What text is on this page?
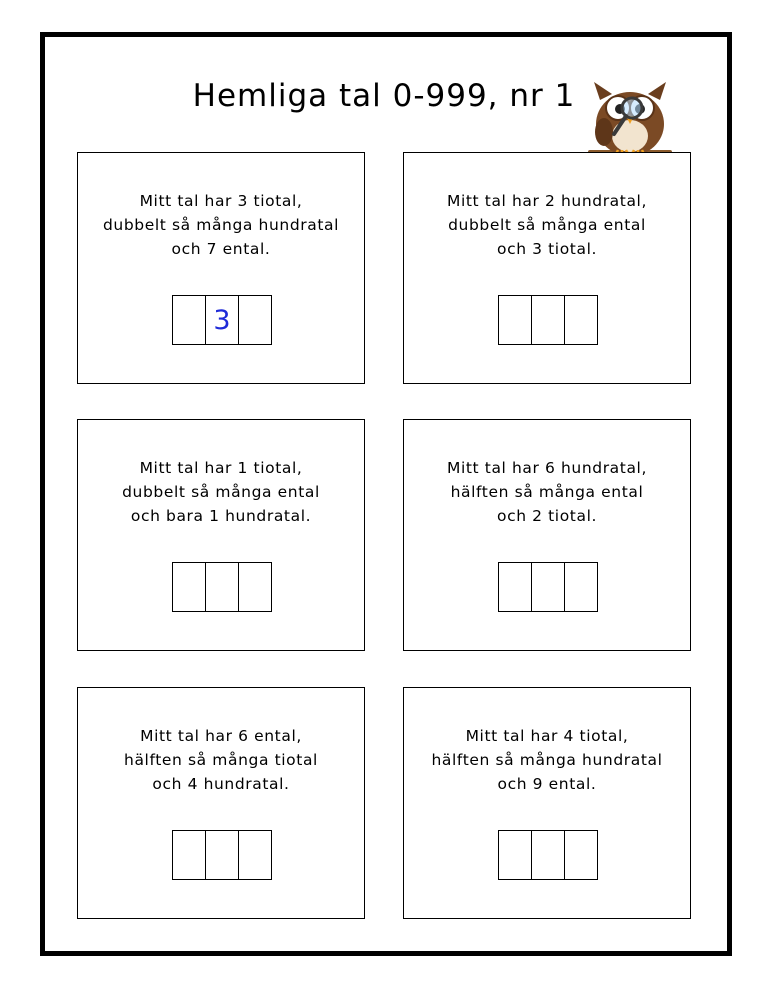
Hemliga tal 0-999, nr 1
Mitt tal har 3 tiotal,
dubbelt så många hundratal
och 7 ental.
3
Mitt tal har 2 hundratal,
dubbelt så många ental
och 3 tiotal.
Mitt tal har 1 tiotal,
dubbelt så många ental
och bara 1 hundratal.
Mitt tal har 6 hundratal,
hälften så många ental
och 2 tiotal.
Mitt tal har 6 ental,
hälften så många tiotal
och 4 hundratal.
Mitt tal har 4 tiotal,
hälften så många hundratal
och 9 ental.
